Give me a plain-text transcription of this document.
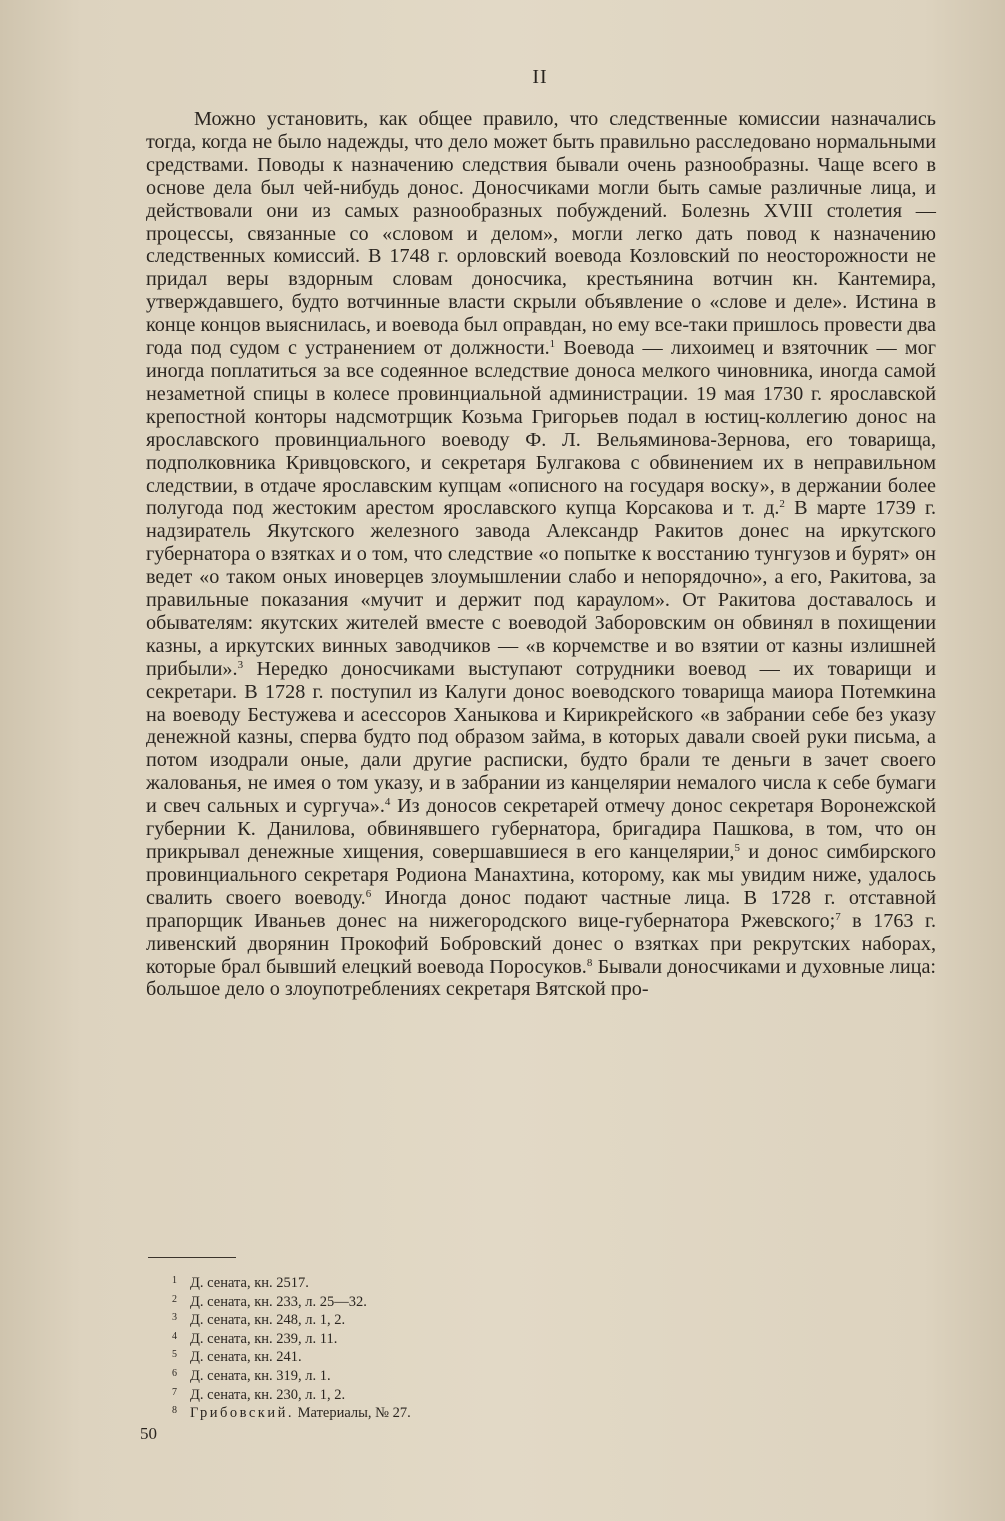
II

Можно установить, как общее правило, что следственные комиссии назначались тогда, когда не было надежды, что дело может быть правильно расследовано нормальными средствами. Поводы к назначению следствия бывали очень разнообразны. Чаще всего в основе дела был чей-нибудь донос. Доносчиками могли быть самые различные лица, и действовали они из самых разнообразных побуждений. Болезнь XVIII столетия — процессы, связанные со «словом и делом», могли легко дать повод к назначению следственных комиссий. В 1748 г. орловский воевода Козловский по неосторожности не придал веры вздорным словам доносчика, крестьянина вотчин кн. Кантемира, утверждавшего, будто вотчинные власти скрыли объявление о «слове и деле». Истина в конце концов выяснилась, и воевода был оправдан, но ему все-таки пришлось провести два года под судом с устранением от должности.$^1$ Воевода — лихоимец и взяточник — мог иногда поплатиться за все содеянное вследствие доноса мелкого чиновника, иногда самой незаметной спицы в колесе провинциальной администрации. 19 мая 1730 г. ярославской крепостной конторы надсмотрщик Козьма Григорьев подал в юстиц-коллегию донос на ярославского провинциального воеводу Ф. Л. Вельяминова-Зернова, его товарища, подполковника Кривцовского, и секретаря Булгакова с обвинением их в неправильном следствии, в отдаче ярославским купцам «описного на государя воску», в держании более полугода под жестоким арестом ярославского купца Корсакова и т. д.$^2$ В марте 1739 г. надзиратель Якутского железного завода Александр Ракитов донес на иркутского губернатора о взятках и о том, что следствие «о попытке к восстанию тунгузов и бурят» он ведет «о таком оных иноверцев злоумышлении слабо и непорядочно», а его, Ракитова, за правильные показания «мучит и держит под караулом». От Ракитова доставалось и обывателям: якутских жителей вместе с воеводой Заборовским он обвинял в похищении казны, а иркутских винных заводчиков — «в корчемстве и во взятии от казны излишней прибыли».$^3$ Нередко доносчиками выступают сотрудники воевод — их товарищи и секретари. В 1728 г. поступил из Калуги донос воеводского товарища маиора Потемкина на воеводу Бестужева и асессоров Ханыкова и Кирикрейского «в забрании себе без указу денежной казны, сперва будто под образом займа, в которых давали своей руки письма, а потом изодрали оные, дали другие расписки, будто брали те деньги в зачет своего жалованья, не имея о том указу, и в забрании из канцелярии немалого числа к себе бумаги и свеч сальных и сургуча».$^4$ Из доносов секретарей отмечу донос секретаря Воронежской губернии К. Данилова, обвинявшего губернатора, бригадира Пашкова, в том, что он прикрывал денежные хищения, совершавшиеся в его канцелярии,$^5$ и донос симбирского провинциального секретаря Родиона Манахтина, которому, как мы увидим ниже, удалось свалить своего воеводу.$^6$ Иногда донос подают частные лица. В 1728 г. отставной прапорщик Иваньев донес на нижегородского вице-губернатора Ржевского;$^7$ в 1763 г. ливенский дворянин Прокофий Бобровский донес о взятках при рекрутских наборах, которые брал бывший елецкий воевода Поросуков.$^8$ Бывали доносчиками и духовные лица: большое дело о злоупотреблениях секретаря Вятской про-

1 Д. сената, кн. 2517.
2 Д. сената, кн. 233, л. 25—32.
3 Д. сената, кн. 248, л. 1, 2.
4 Д. сената, кн. 239, л. 11.
5 Д. сената, кн. 241.
6 Д. сената, кн. 319, л. 1.
7 Д. сената, кн. 230, л. 1, 2.
8 Грибовский. Материалы, № 27.
50
